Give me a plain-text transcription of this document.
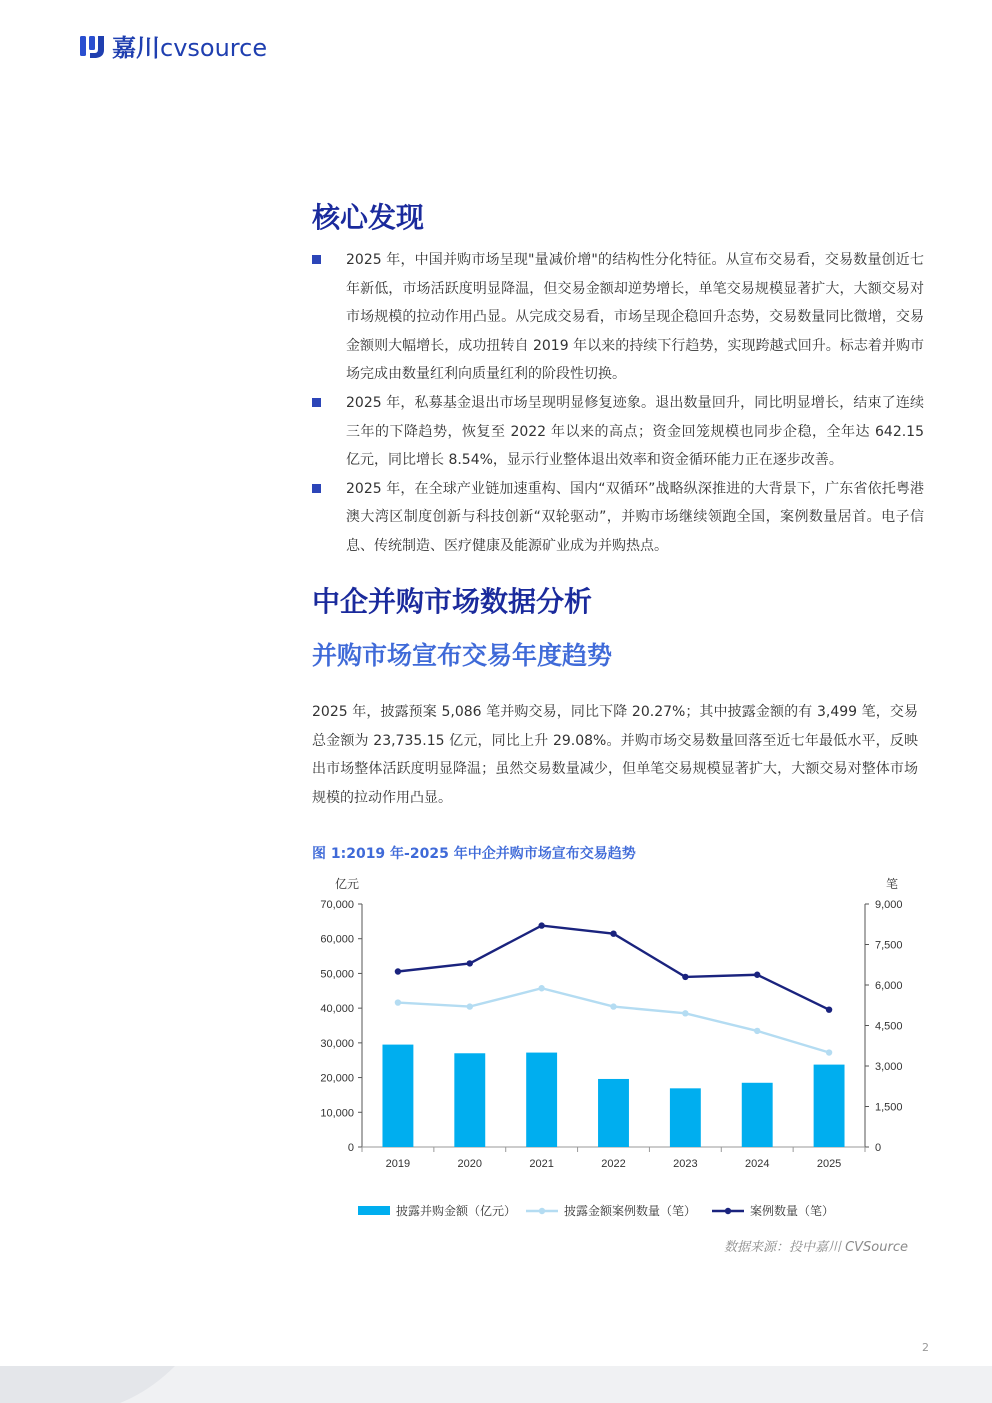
嘉川cvsource
核心发现
2025 年，中国并购市场呈现"量减价增"的结构性分化特征。从宣布交易看，交易数量创近七年新低，市场活跃度明显降温，但交易金额却逆势增长，单笔交易规模显著扩大，大额交易对市场规模的拉动作用凸显。从完成交易看，市场呈现企稳回升态势，交易数量同比微增，交易金额则大幅增长，成功扭转自 2019 年以来的持续下行趋势，实现跨越式回升。标志着并购市场完成由数量红利向质量红利的阶段性切换。
2025 年，私募基金退出市场呈现明显修复迹象。退出数量回升，同比明显增长，结束了连续三年的下降趋势，恢复至 2022 年以来的高点；资金回笼规模也同步企稳，全年达 642.15 亿元，同比增长 8.54%，显示行业整体退出效率和资金循环能力正在逐步改善。
2025 年，在全球产业链加速重构、国内“双循环”战略纵深推进的大背景下，广东省依托粤港澳大湾区制度创新与科技创新“双轮驱动”，并购市场继续领跑全国，案例数量居首。电子信息、传统制造、医疗健康及能源矿业成为并购热点。
中企并购市场数据分析
并购市场宣布交易年度趋势

2025 年，披露预案 5,086 笔并购交易，同比下降 20.27%；其中披露金额的有 3,499 笔，交易总金额为 23,735.15 亿元，同比上升 29.08%。并购市场交易数量回落至近七年最低水平，反映出市场整体活跃度明显降温；虽然交易数量减少，但单笔交易规模显著扩大，大额交易对整体市场规模的拉动作用凸显。

图 1:2019 年-2025 年中企并购市场宣布交易趋势
亿元	笔
70,000
60,000
50,000
40,000
30,000
20,000
10,000
0
9,000
7,500
6,000
4,500
3,000
1,500
0
2019	2020	2021	2022	2023	2024	2025
披露并购金额（亿元）	披露金额案例数量（笔）	案例数量（笔）
数据来源：投中嘉川 CVSource
2
